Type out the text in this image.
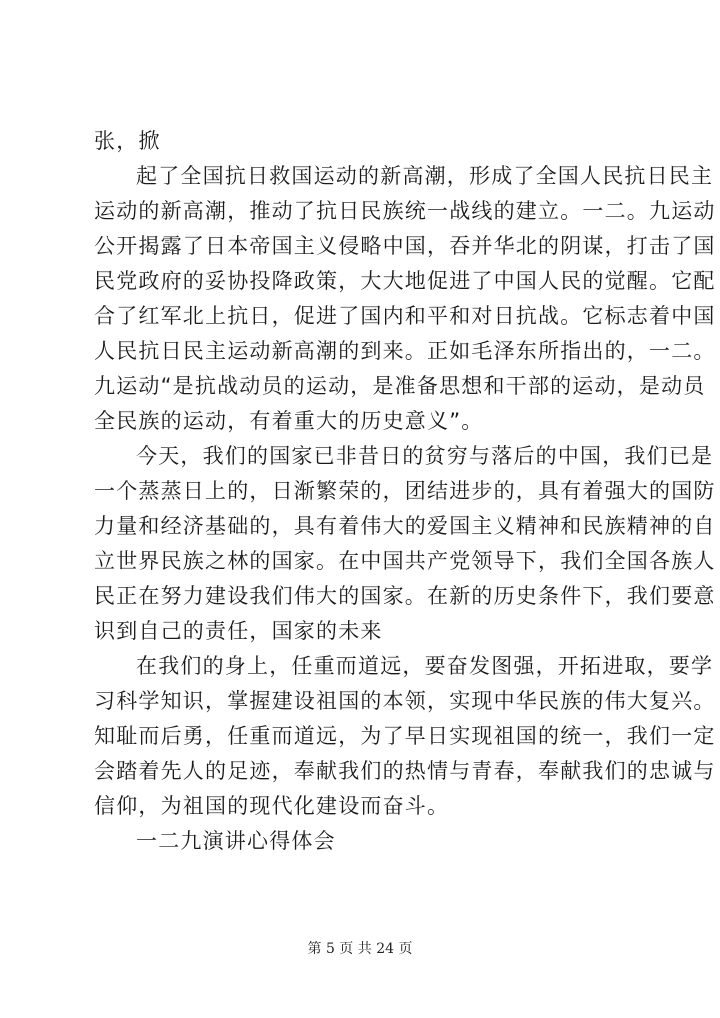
张，掀
起了全国抗日救国运动的新高潮，形成了全国人民抗日民主
运动的新高潮，推动了抗日民族统一战线的建立。一二。九运动
公开揭露了日本帝国主义侵略中国，吞并华北的阴谋，打击了国
民党政府的妥协投降政策，大大地促进了中国人民的觉醒。它配
合了红军北上抗日，促进了国内和平和对日抗战。它标志着中国
人民抗日民主运动新高潮的到来。正如毛泽东所指出的，一二。
九运动“是抗战动员的运动，是准备思想和干部的运动，是动员
全民族的运动，有着重大的历史意义”。
今天，我们的国家已非昔日的贫穷与落后的中国，我们已是
一个蒸蒸日上的，日渐繁荣的，团结进步的，具有着强大的国防
力量和经济基础的，具有着伟大的爱国主义精神和民族精神的自
立世界民族之林的国家。在中国共产党领导下，我们全国各族人
民正在努力建设我们伟大的国家。在新的历史条件下，我们要意
识到自己的责任，国家的未来
在我们的身上，任重而道远，要奋发图强，开拓进取，要学
习科学知识，掌握建设祖国的本领，实现中华民族的伟大复兴。
知耻而后勇，任重而道远，为了早日实现祖国的统一，我们一定
会踏着先人的足迹，奉献我们的热情与青春，奉献我们的忠诚与
信仰，为祖国的现代化建设而奋斗。
一二九演讲心得体会
第 5 页 共 24 页
